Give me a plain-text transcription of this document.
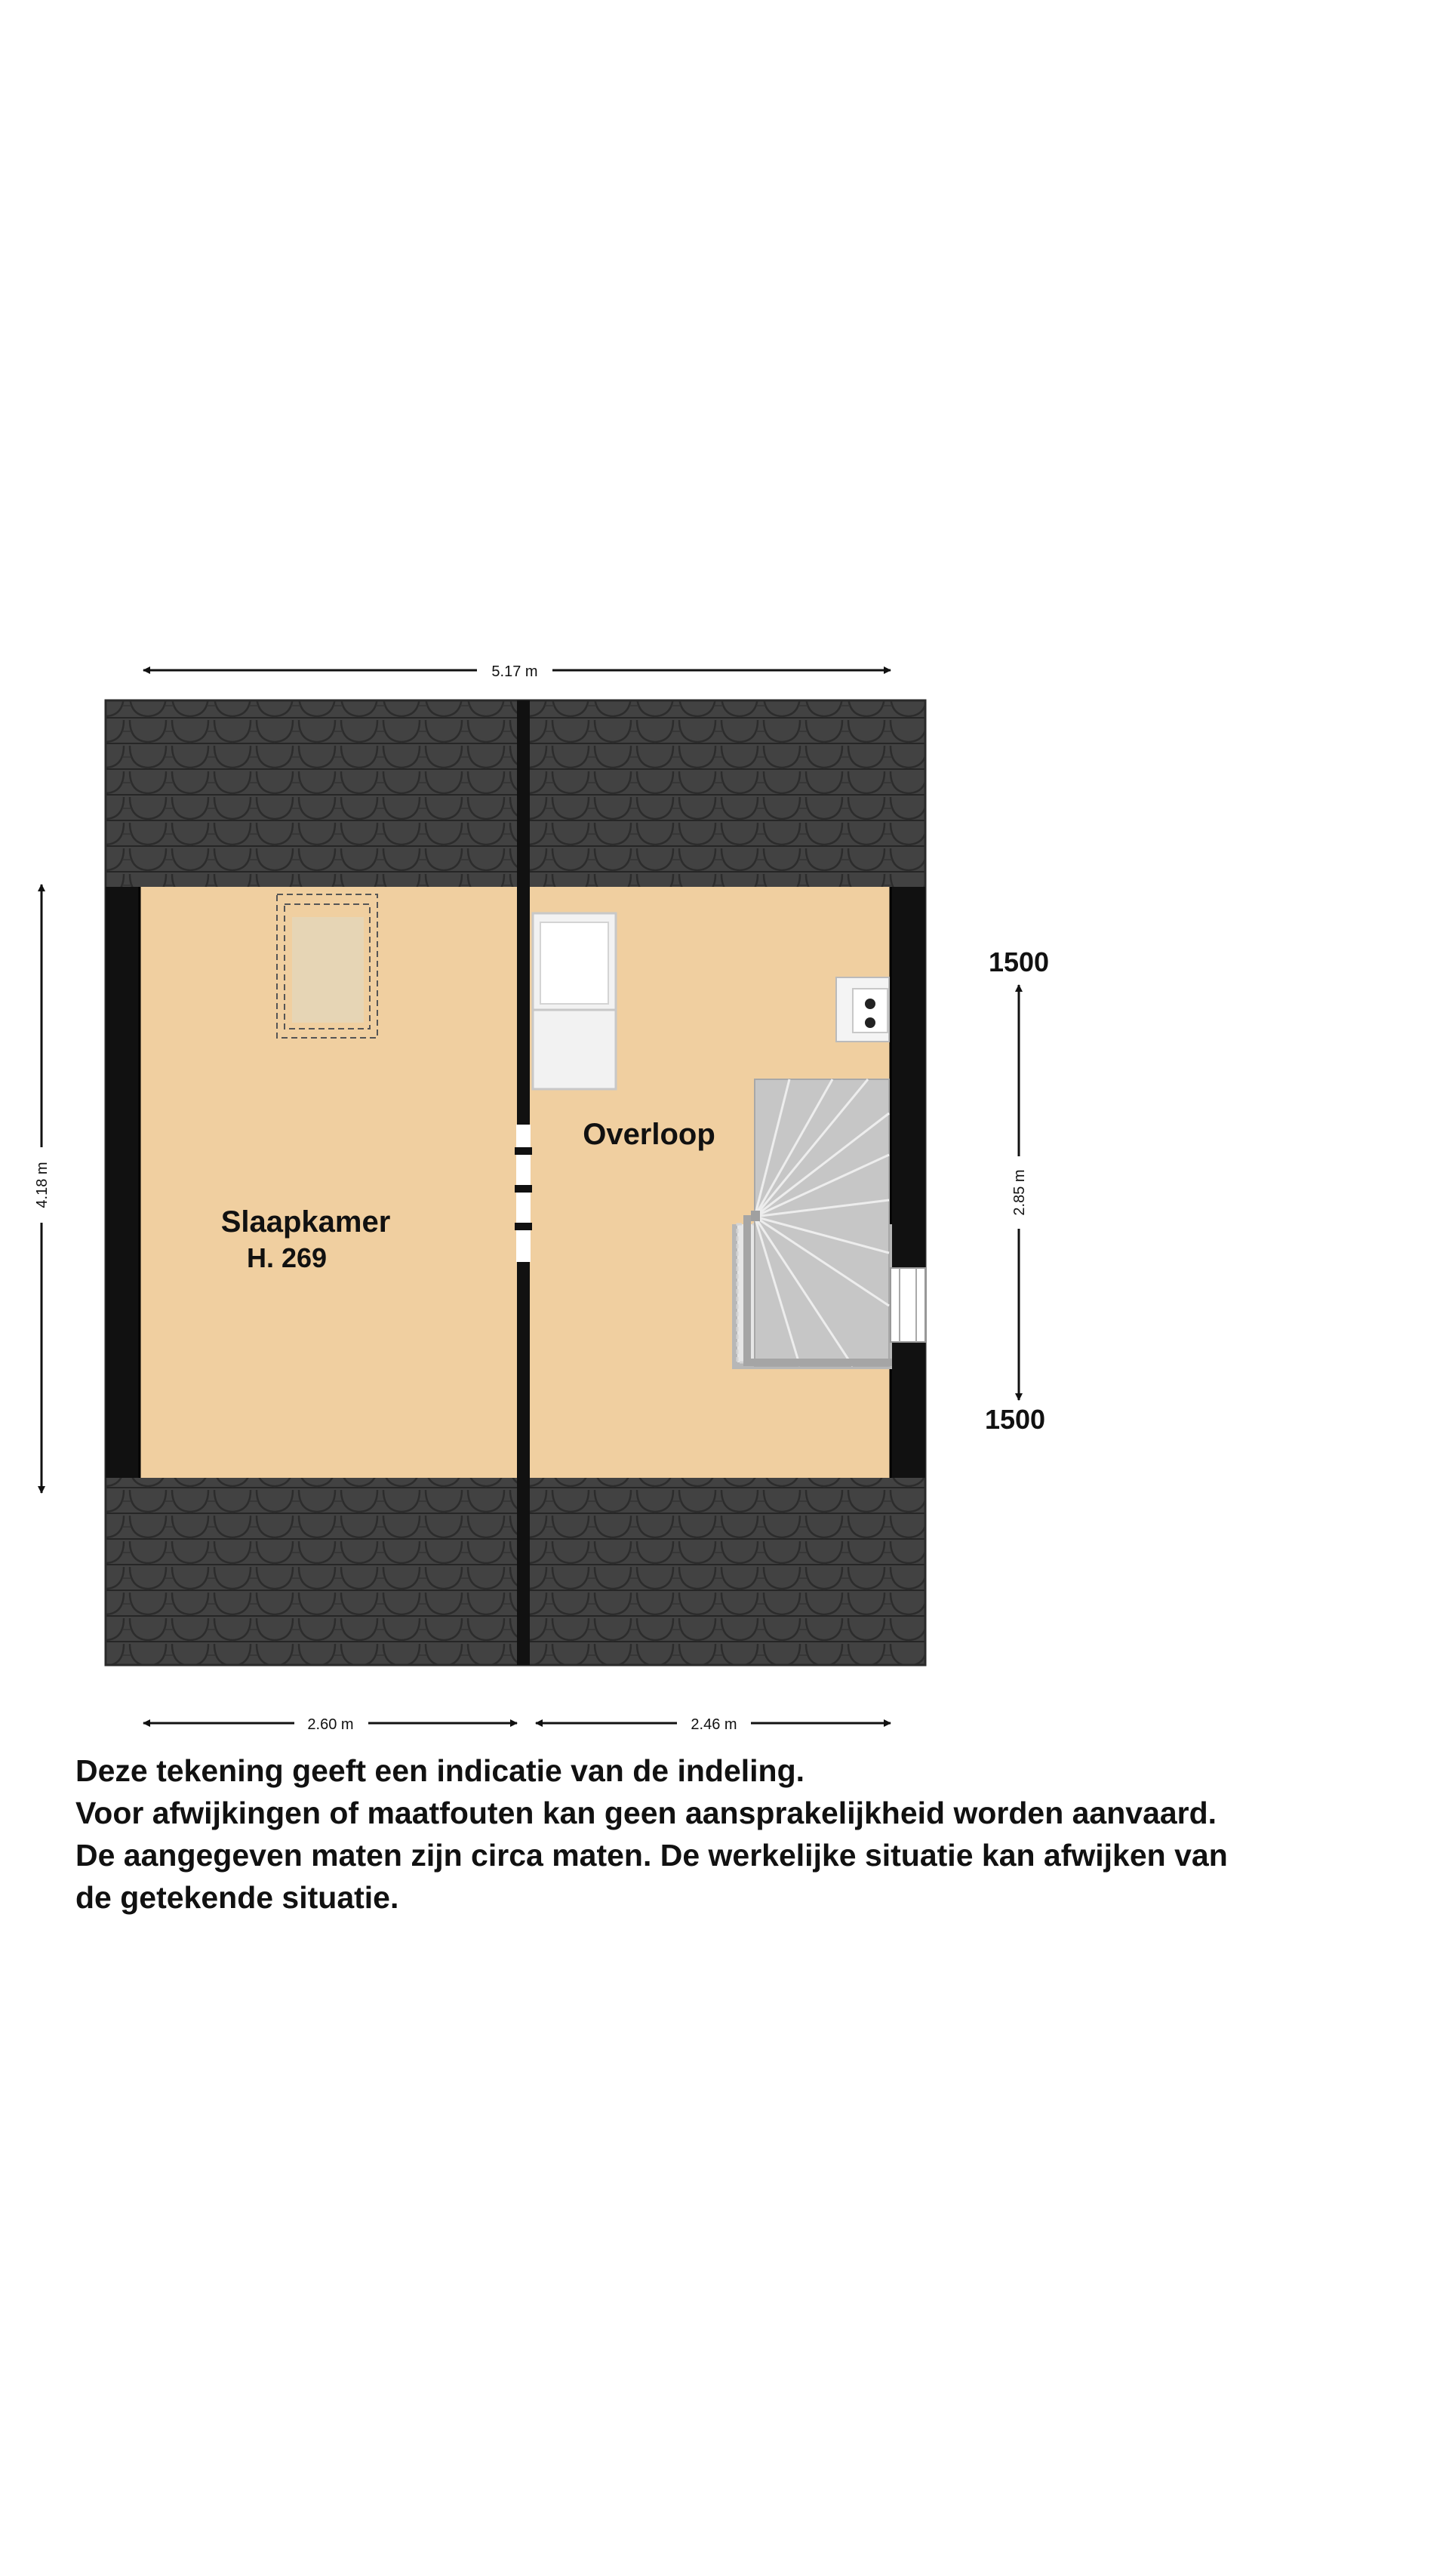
5.17 m
4.18 m
2.60 m	2.46 m
2.85 m
1500
1500
Slaapkamer
H. 269
Overloop
Deze tekening geeft een indicatie van de indeling.
Voor afwijkingen of maatfouten kan geen aansprakelijkheid worden aanvaard.
De aangegeven maten zijn circa maten. De werkelijke situatie kan afwijken van
de getekende situatie.
